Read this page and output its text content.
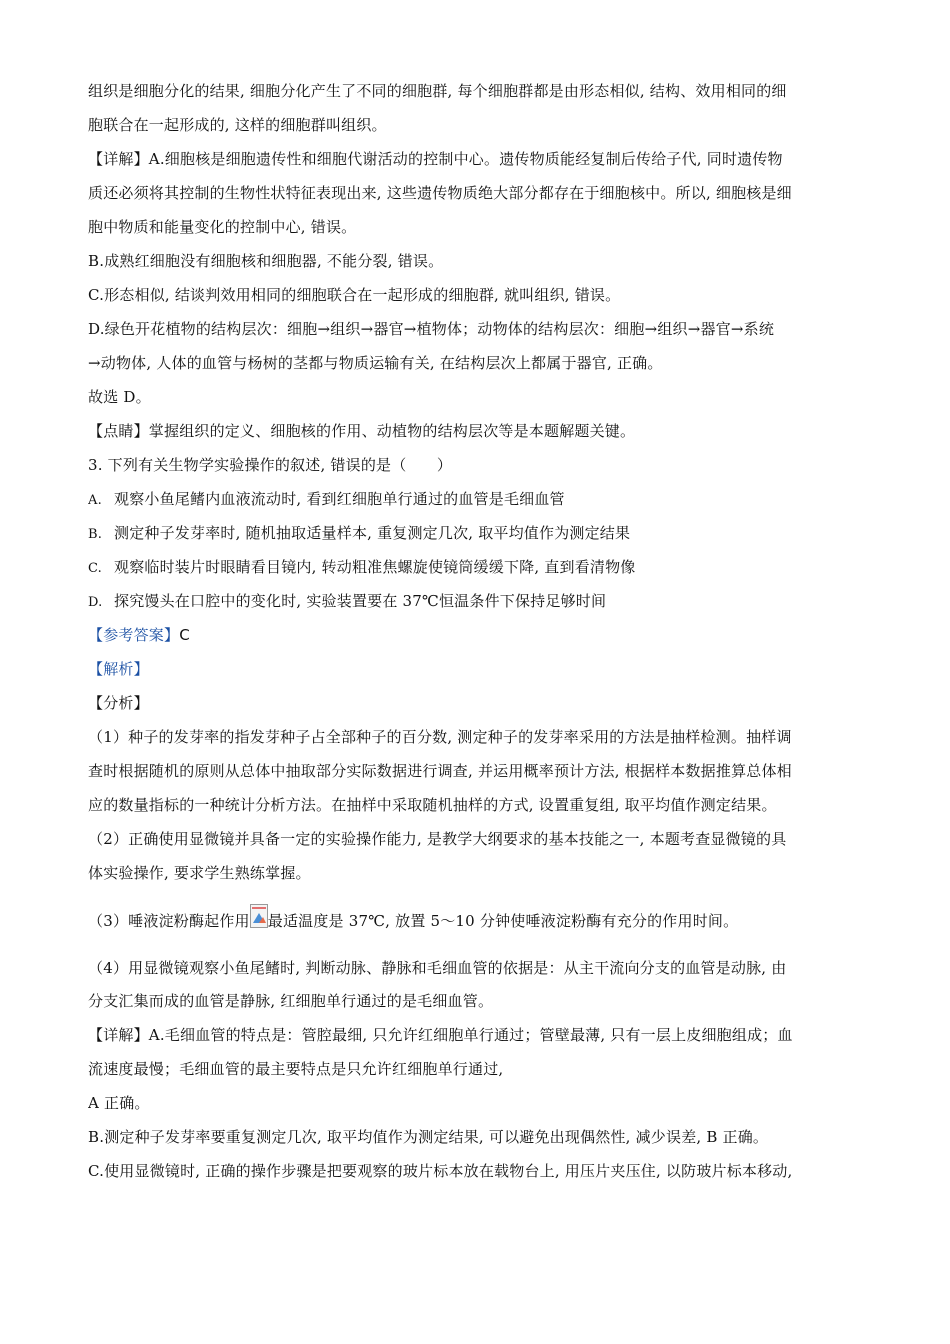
组织是细胞分化的结果, 细胞分化产生了不同的细胞群, 每个细胞群都是由形态相似, 结构、效用相同的细
胞联合在一起形成的, 这样的细胞群叫组织。
【详解】A.细胞核是细胞遗传性和细胞代谢活动的控制中心。遗传物质能经复制后传给子代, 同时遗传物
质还必须将其控制的生物性状特征表现出来, 这些遗传物质绝大部分都存在于细胞核中。所以, 细胞核是细
胞中物质和能量变化的控制中心, 错误。
B.成熟红细胞没有细胞核和细胞器, 不能分裂, 错误。
C.形态相似, 结谈判效用相同的细胞联合在一起形成的细胞群, 就叫组织, 错误。
D.绿色开花植物的结构层次：细胞→组织→器官→植物体；动物体的结构层次：细胞→组织→器官→系统
→动物体, 人体的血管与杨树的茎都与物质运输有关, 在结构层次上都属于器官, 正确。
故选 D。
【点睛】掌握组织的定义、细胞核的作用、动植物的结构层次等是本题解题关键。
3. 下列有关生物学实验操作的叙述, 错误的是（　　）
A. 观察小鱼尾鳍内血液流动时, 看到红细胞单行通过的血管是毛细血管
B. 测定种子发芽率时, 随机抽取适量样本, 重复测定几次, 取平均值作为测定结果
C. 观察临时装片时眼睛看目镜内, 转动粗准焦螺旋使镜筒缓缓下降, 直到看清物像
D. 探究馒头在口腔中的变化时, 实验装置要在 37℃恒温条件下保持足够时间
【参考答案】C
【解析】
【分析】
（1）种子的发芽率的指发芽种子占全部种子的百分数, 测定种子的发芽率采用的方法是抽样检测。抽样调
查时根据随机的原则从总体中抽取部分实际数据进行调查, 并运用概率预计方法, 根据样本数据推算总体相
应的数量指标的一种统计分析方法。在抽样中采取随机抽样的方式, 设置重复组, 取平均值作测定结果。
（2）正确使用显微镜并具备一定的实验操作能力, 是教学大纲要求的基本技能之一, 本题考查显微镜的具
体实验操作, 要求学生熟练掌握。
（3）唾液淀粉酶起作用 最适温度是 37℃, 放置 5～10 分钟使唾液淀粉酶有充分的作用时间。
（4）用显微镜观察小鱼尾鳍时, 判断动脉、静脉和毛细血管的依据是：从主干流向分支的血管是动脉, 由
分支汇集而成的血管是静脉, 红细胞单行通过的是毛细血管。
【详解】A.毛细血管的特点是：管腔最细, 只允许红细胞单行通过；管壁最薄, 只有一层上皮细胞组成；血
流速度最慢；毛细血管的最主要特点是只允许红细胞单行通过,
A 正确。
B.测定种子发芽率要重复测定几次, 取平均值作为测定结果, 可以避免出现偶然性, 减少误差, B 正确。
C.使用显微镜时, 正确的操作步骤是把要观察的玻片标本放在载物台上, 用压片夹压住, 以防玻片标本移动,
